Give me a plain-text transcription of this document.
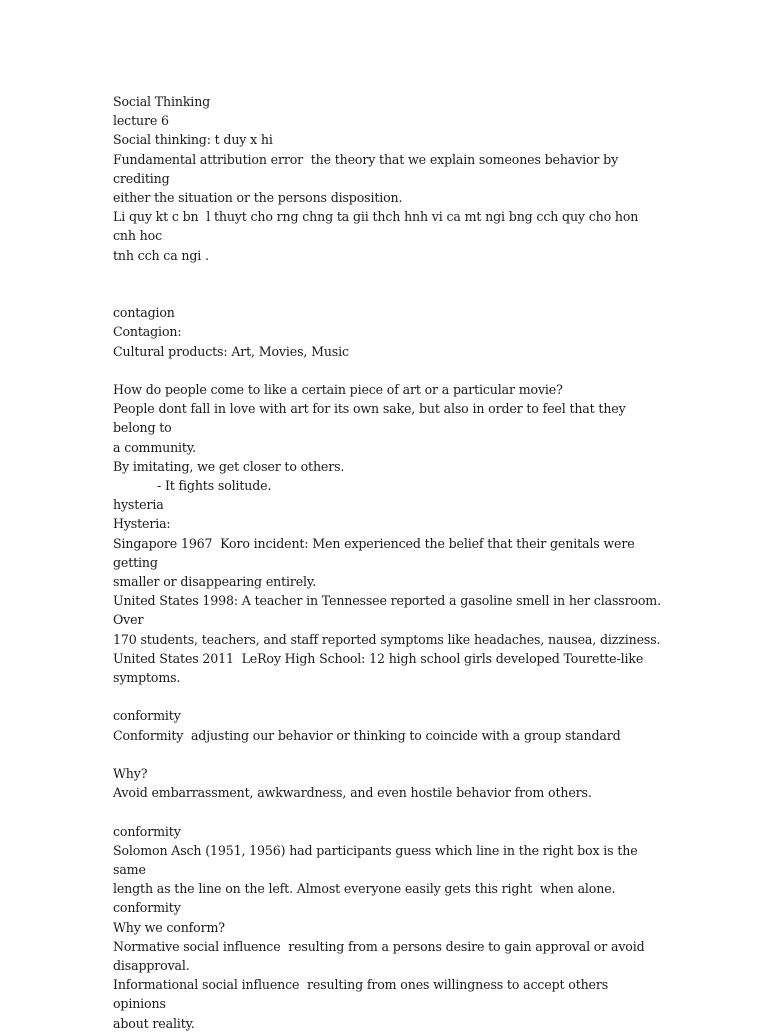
Social Thinking
lecture 6
Social thinking: t duy x hi
Fundamental attribution error  the theory that we explain someones behavior by crediting
either the situation or the persons disposition.
Li quy kt c bn  l thuyt cho rng chng ta gii thch hnh vi ca mt ngi bng cch quy cho hon cnh hoc
tnh cch ca ngi .
contagion
Contagion:
Cultural products: Art, Movies, Music
How do people come to like a certain piece of art or a particular movie?
People dont fall in love with art for its own sake, but also in order to feel that they belong to
a community.
By imitating, we get closer to others.
- It fights solitude.
hysteria
Hysteria:
Singapore 1967  Koro incident: Men experienced the belief that their genitals were getting
smaller or disappearing entirely.
United States 1998: A teacher in Tennessee reported a gasoline smell in her classroom. Over
170 students, teachers, and staff reported symptoms like headaches, nausea, dizziness.
United States 2011  LeRoy High School: 12 high school girls developed Tourette-like
symptoms.
conformity
Conformity  adjusting our behavior or thinking to coincide with a group standard
Why?
Avoid embarrassment, awkwardness, and even hostile behavior from others.
conformity
Solomon Asch (1951, 1956) had participants guess which line in the right box is the same
length as the line on the left. Almost everyone easily gets this right  when alone.
conformity
Why we conform?
Normative social influence  resulting from a persons desire to gain approval or avoid
disapproval.
Informational social influence  resulting from ones willingness to accept others opinions
about reality.
